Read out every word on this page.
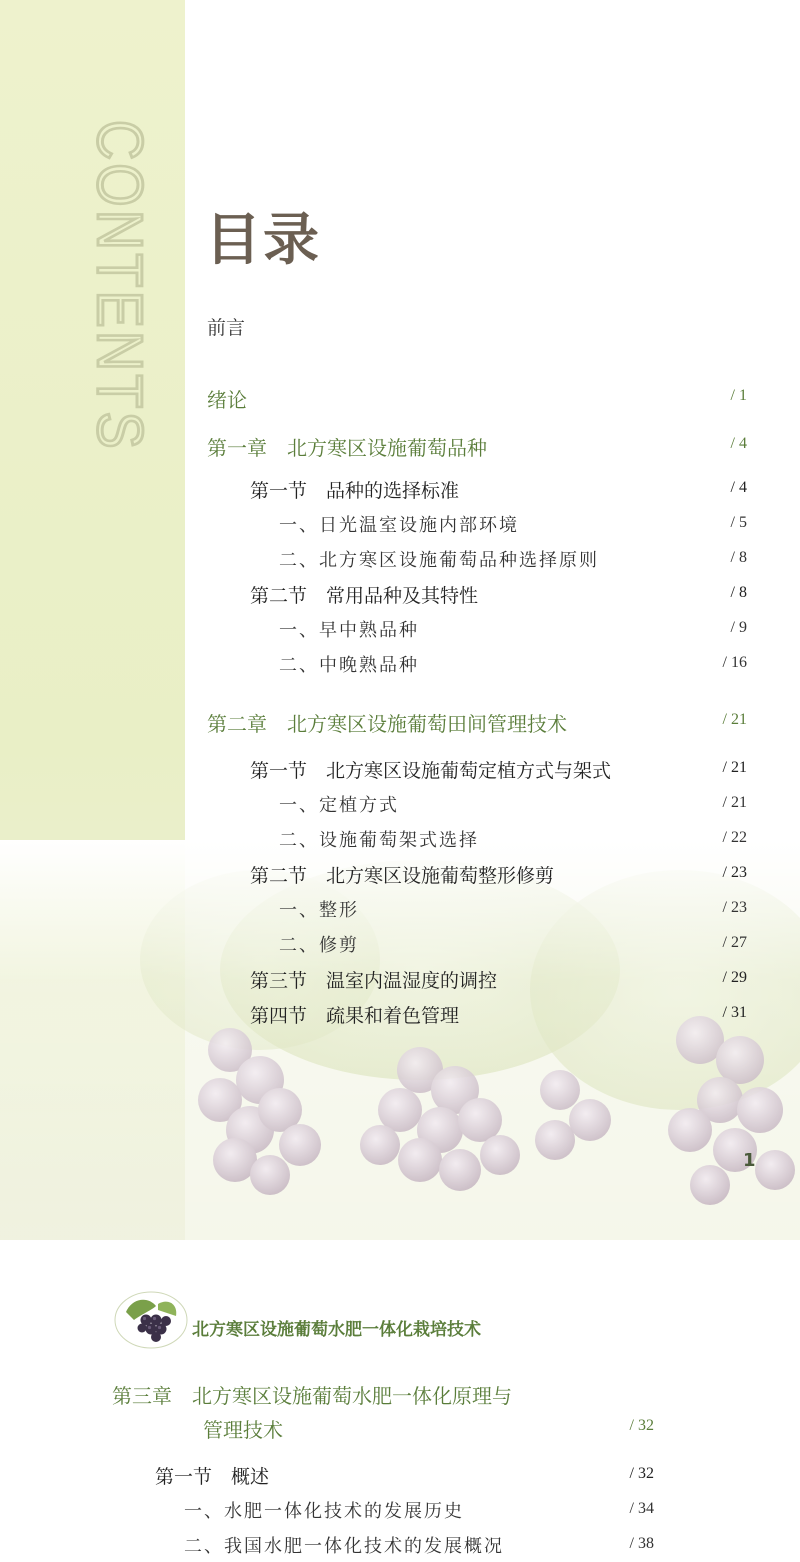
CONTENTS 目录
前言
绪论	/ 1
第一章　北方寒区设施葡萄品种	/ 4
第一节　品种的选择标准	/ 4
一、日光温室设施内部环境	/ 5
二、北方寒区设施葡萄品种选择原则	/ 8
第二节　常用品种及其特性	/ 8
一、早中熟品种	/ 9
二、中晚熟品种	/ 16
第二章　北方寒区设施葡萄田间管理技术	/ 21
第一节　北方寒区设施葡萄定植方式与架式	/ 21
一、定植方式	/ 21
二、设施葡萄架式选择	/ 22
第二节　北方寒区设施葡萄整形修剪	/ 23
一、整形	/ 23
二、修剪	/ 27
第三节　温室内温湿度的调控	/ 29
第四节　疏果和着色管理	/ 31
1
北方寒区设施葡萄水肥一体化栽培技术
第三章　北方寒区设施葡萄水肥一体化原理与
管理技术	/ 32
第一节　概述	/ 32
一、水肥一体化技术的发展历史	/ 34
二、我国水肥一体化技术的发展概况	/ 38
